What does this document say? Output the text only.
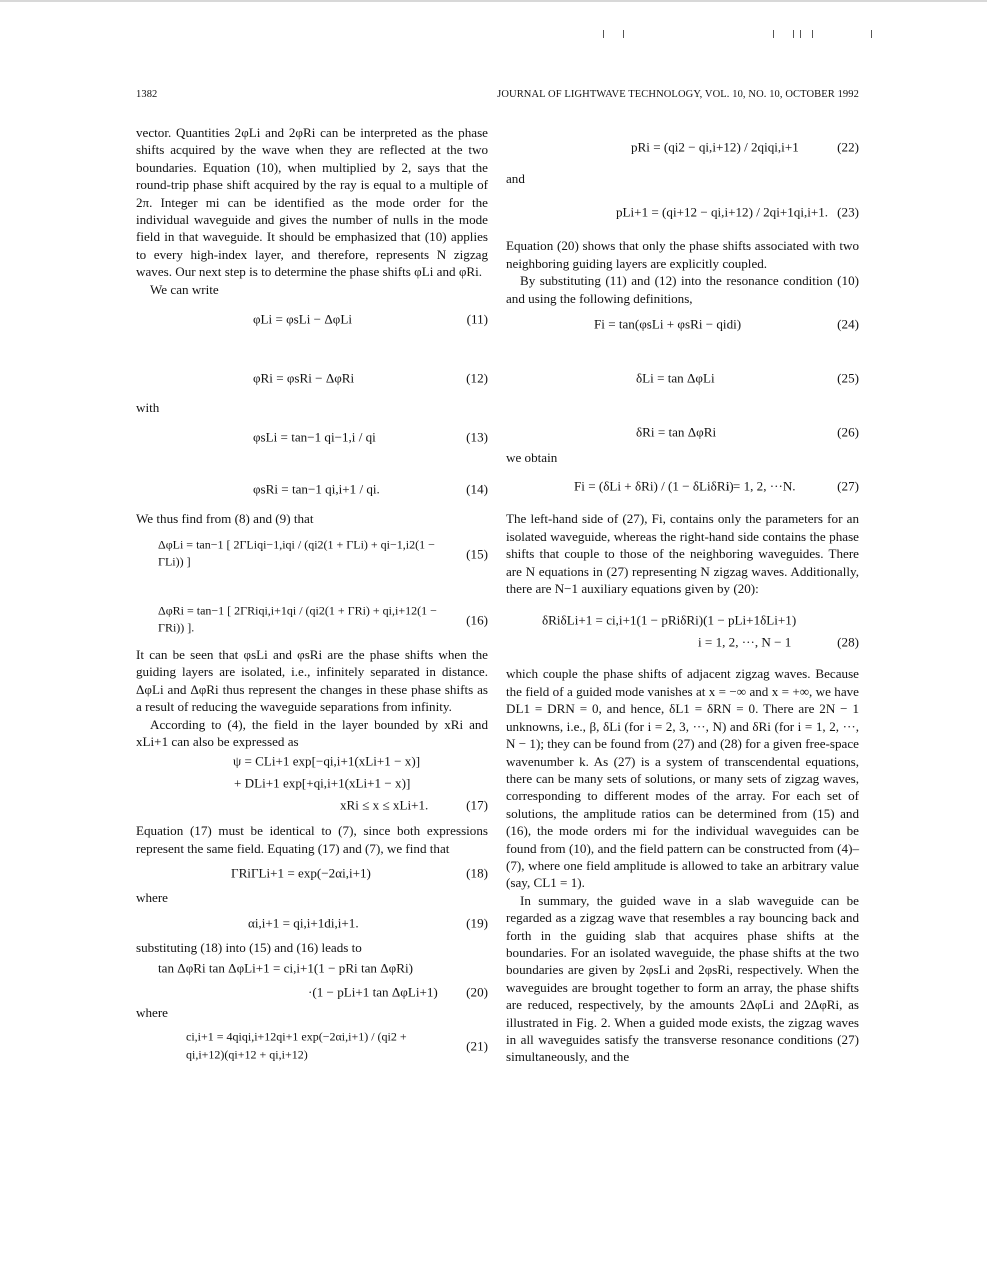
1382	JOURNAL OF LIGHTWAVE TECHNOLOGY, VOL. 10, NO. 10, OCTOBER 1992

vector. Quantities 2φLi and 2φRi can be interpreted as the phase shifts acquired by the wave when they are reflected at the two boundaries. Equation (10), when multiplied by 2, says that the round-trip phase shift acquired by the ray is equal to a multiple of 2π. Integer mi can be identified as the mode order for the individual waveguide and gives the number of nulls in the mode field in that waveguide. It should be emphasized that (10) applies to every high-index layer, and therefore, represents N zigzag waves. Our next step is to determine the phase shifts φLi and φRi.

We can write

φLi = φsLi − ΔφLi	(11)
φRi = φsRi − ΔφRi	(12)

with

φsLi = tan−1 qi−1,i / qi	(13)
φsRi = tan−1 qi,i+1 / qi.	(14)

We thus find from (8) and (9) that

ΔφLi = tan−1 [ 2ΓLiqi−1,iqi / (qi2(1 + ΓLi) + qi−1,i2(1 − ΓLi)) ]
(15)
ΔφRi = tan−1 [ 2ΓRiqi,i+1qi / (qi2(1 + ΓRi) + qi,i+12(1 − ΓRi)) ].
(16)

It can be seen that φsLi and φsRi are the phase shifts when the guiding layers are isolated, i.e., infinitely separated in distance. ΔφLi and ΔφRi thus represent the changes in these phase shifts as a result of reducing the waveguide separations from infinity.

According to (4), the field in the layer bounded by xRi and xLi+1 can also be expressed as

ψ = CLi+1 exp[−qi,i+1(xLi+1 − x)]
+ DLi+1 exp[+qi,i+1(xLi+1 − x)]
xRi ≤ x ≤ xLi+1.	(17)

Equation (17) must be identical to (7), since both expressions represent the same field. Equating (17) and (7), we find that

ΓRiΓLi+1 = exp(−2αi,i+1)	(18)

where

αi,i+1 = qi,i+1di,i+1.	(19)

substituting (18) into (15) and (16) leads to

tan ΔφRi tan ΔφLi+1 = ci,i+1(1 − pRi tan ΔφRi)
·(1 − pLi+1 tan ΔφLi+1) (20)

where

ci,i+1 = 4qiqi,i+12qi+1 exp(−2αi,i+1) / (qi2 + qi,i+12)(qi+12 + qi,i+12)
(21)
pRi = (qi2 − qi,i+12) / 2qiqi,i+1	(22)

and

pLi+1 = (qi+12 − qi,i+12) / 2qi+1qi,i+1. (23)

Equation (20) shows that only the phase shifts associated with two neighboring guiding layers are explicitly coupled.

By substituting (11) and (12) into the resonance condition (10) and using the following definitions,

Fi = tan(φsLi + φsRi − qidi)	(24)
δLi = tan ΔφLi	(25)
δRi = tan ΔφRi	(26)

we obtain

Fi = (δLi + δRi) / (1 − δLiδRi)
i = 1, 2, ···N.	(27)

The left-hand side of (27), Fi, contains only the parameters for an isolated waveguide, whereas the right-hand side contains the phase shifts that couple to those of the neighboring waveguides. There are N equations in (27) representing N zigzag waves. Additionally, there are N−1 auxiliary equations given by (20):

δRiδLi+1 = ci,i+1(1 − pRiδRi)(1 − pLi+1δLi+1)
i = 1, 2, ···, N − 1	(28)

which couple the phase shifts of adjacent zigzag waves. Because the field of a guided mode vanishes at x = −∞ and x = +∞, we have DL1 = DRN = 0, and hence, δL1 = δRN = 0. There are 2N − 1 unknowns, i.e., β, δLi (for i = 2, 3, ···, N) and δRi (for i = 1, 2, ···, N − 1); they can be found from (27) and (28) for a given free-space wavenumber k. As (27) is a system of transcendental equations, there can be many sets of solutions, or many sets of zigzag waves, corresponding to different modes of the array. For each set of solutions, the amplitude ratios can be determined from (15) and (16), the mode orders mi for the individual waveguides can be found from (10), and the field pattern can be constructed from (4)–(7), where one field amplitude is allowed to take an arbitrary value (say, CL1 = 1).

In summary, the guided wave in a slab waveguide can be regarded as a zigzag wave that resembles a ray bouncing back and forth in the guiding slab that acquires phase shifts at the boundaries. For an isolated waveguide, the phase shifts at the two boundaries are given by 2φsLi and 2φsRi, respectively. When the waveguides are brought together to form an array, the phase shifts are reduced, respectively, by the amounts 2ΔφLi and 2ΔφRi, as illustrated in Fig. 2. When a guided mode exists, the zigzag waves in all waveguides satisfy the transverse resonance conditions (27) simultaneously, and the
